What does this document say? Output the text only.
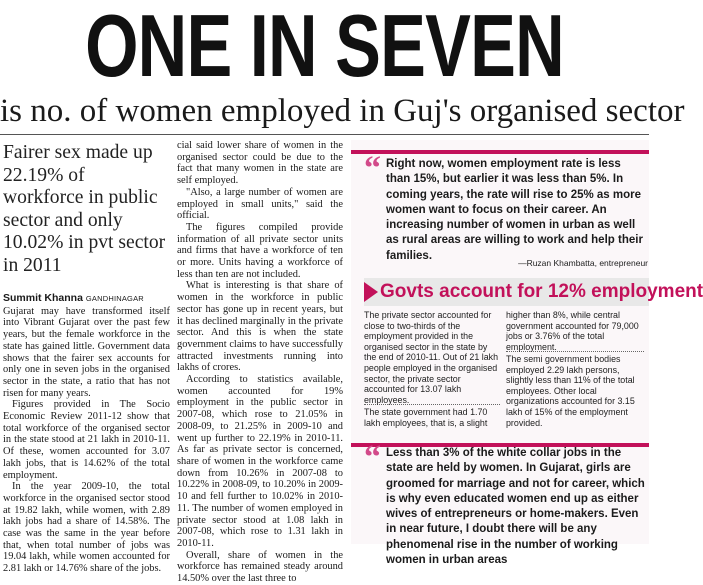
ONE IN SEVEN
is no. of women employed in Guj's organised sector
Fairer sex made up 22.19% of workforce in public sector and only 10.02% in pvt sector in 2011
Summit Khanna GANDHINAGAR

Gujarat may have transformed itself into Vibrant Gujarat over the past few years, but the female workforce in the state has gained little. Government data shows that the fairer sex accounts for only one in seven jobs in the organised sector in the state, a ratio that has not risen for many years.

Figures provided in The Socio Economic Review 2011-12 show that total workforce of the organised sector in the state stood at 21 lakh in 2010-11. Of these, women accounted for 3.07 lakh jobs, that is 14.62% of the total employment.

In the year 2009-10, the total workforce in the organised sector stood at 19.82 lakh, while women, with 2.89 lakh jobs had a share of 14.58%. The case was the same in the year before that, when total number of jobs was 19.04 lakh, while women accounted for 2.81 lakh or 14.76% share of the jobs.

cial said lower share of women in the organised sector could be due to the fact that many women in the state are self employed.

"Also, a large number of women are employed in small units," said the official.

The figures compiled provide information of all private sector units and firms that have a workforce of ten or more. Units having a workforce of less than ten are not included.

What is interesting is that share of women in the workforce in public sector has gone up in recent years, but it has declined marginally in the private sector. And this is when the state government claims to have successfully attracted investments running into lakhs of crores.

According to statistics available, women accounted for 19% employment in the public sector in 2007-08, which rose to 21.05% in 2008-09, to 21.25% in 2009-10 and went up further to 22.19% in 2010-11. As far as private sector is concerned, share of women in the workforce came down from 10.26% in 2007-08 to 10.22% in 2008-09, to 10.20% in 2009-10 and fell further to 10.02% in 2010-11. The number of women employed in private sector stood at 1.08 lakh in 2007-08, which rose to 1.31 lakh in 2010-11.

Overall, share of women in the workforce has remained steady around 14.50% over the last three to

“ Right now, women employment rate is less than 15%, but earlier it was less than 5%. In coming years, the rate will rise to 25% as more women want to focus on their career. An increasing number of women in urban as well as rural areas are willing to work and help their families.
—Ruzan Khambatta, entrepreneur
Govts account for 12% employment
The private sector accounted for close to two-thirds of the employment provided in the organised sector in the state by the end of 2010-11. Out of 21 lakh people employed in the organised sector, the private sector accounted for 13.07 lakh employees.
The state government had 1.70 lakh employees, that is, a slight
higher than 8%, while central government accounted for 79,000 jobs or 3.76% of the total employment.
The semi government bodies employed 2.29 lakh persons, slightly less than 11% of the total employees. Other local organizations accounted for 3.15 lakh of 15% of the employment provided.
“ Less than 3% of the white collar jobs in the state are held by women. In Gujarat, girls are groomed for marriage and not for career, which is why even educated women end up as either wives of entrepreneurs or home-makers. Even in near future, I doubt there will be any phenomenal rise in the number of working women in urban areas
